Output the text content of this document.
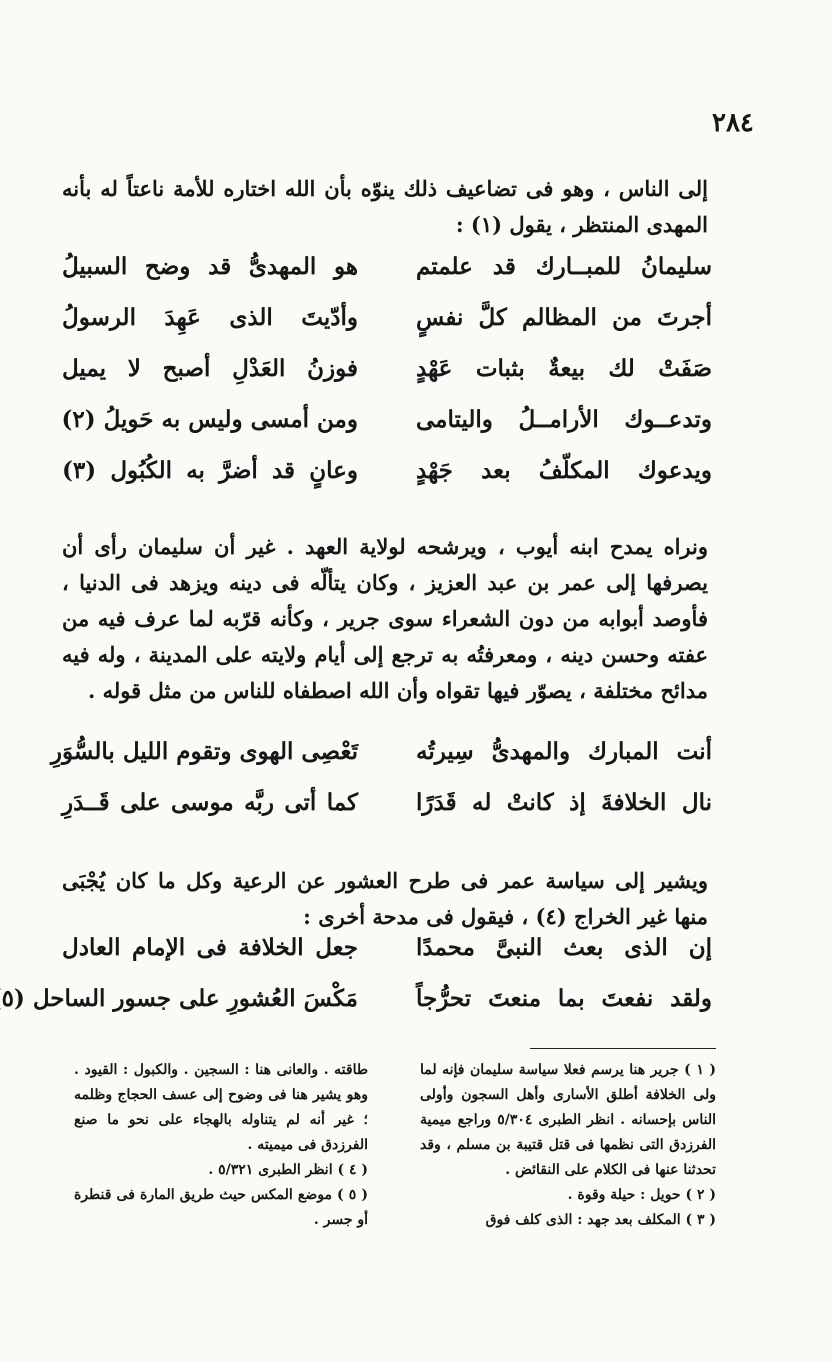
٢٨٤

إلى الناس ، وهو فى تضاعيف ذلك ينوّه بأن الله اختاره للأمة ناعتاً له بأنه المهدى المنتظر ، يقول (١) :

سليمانُ للمبــارك قد علمتم
هو المهدىُّ قد وضح السبيلُ
أجرتَ من المظالم كلَّ نفسٍ
وأدّيتَ الذى عَهِدَ الرسولُ
صَفَتْ لك بيعةٌ بثبات عَهْدٍ
فوزنُ العَدْلِ أصبح لا يميل
وتدعــوك الأرامــلُ واليتامى
ومن أمسى وليس به حَويلُ (٢)
ويدعوك المكلّفُ بعد جَهْدٍ
وعانٍ قد أضرَّ به الكُبُول (٣)

ونراه يمدح ابنه أيوب ، ويرشحه لولاية العهد . غير أن سليمان رأى أن يصرفها إلى عمر بن عبد العزيز ، وكان يتألّه فى دينه ويزهد فى الدنيا ، فأوصد أبوابه من دون الشعراء سوى جرير ، وكأنه قرّبه لما عرف فيه من عفته وحسن دينه ، ومعرفتُه به ترجع إلى أيام ولايته على المدينة ، وله فيه مدائح مختلفة ، يصوّر فيها تقواه وأن الله اصطفاه للناس من مثل قوله .

أنت المبارك والمهدىُّ سِيرتُه
تَعْصِى الهوى وتقوم الليل بالسُّوَرِ
نال الخلافةَ إذ كانتْ له قَدَرًا
كما أتى ربَّه موسى على قَــدَرِ

ويشير إلى سياسة عمر فى طرح العشور عن الرعية وكل ما كان يُجْبَى منها غير الخراج (٤) ، فيقول فى مدحة أخرى :

إن الذى بعث النبىَّ محمدًا
جعل الخلافة فى الإمام العادل
ولقد نفعتَ بما منعتَ تحرُّجاً
مَكْسَ العُشورِ على جسور الساحل (٥

( ١ ) جرير هنا يرسم فعلا سياسة سليمان فإنه لما ولى الخلافة أطلق الأسارى وأهل السجون وأولى الناس بإحسانه . انظر الطبرى ٥/٣٠٤ وراجع ميمية الفرزدق التى نظمها فى قتل قتيبة بن مسلم ، وقد تحدثنا عنها فى الكلام على النقائض .

( ٢ ) حويل : حيلة وقوة .

( ٣ ) المكلف بعد جهد : الذى كلف فوق

طاقته . والعانى هنا : السجين . والكبول : القيود . وهو يشير هنا فى وضوح إلى عسف الحجاج وظلمه ؛ غير أنه لم يتناوله بالهجاء على نحو ما صنع الفرزدق فى ميميته .

( ٤ ) انظر الطبرى ٥/٣٢١ .

( ٥ ) موضع المكس حيث طريق المارة فى قنطرة أو جسر .
